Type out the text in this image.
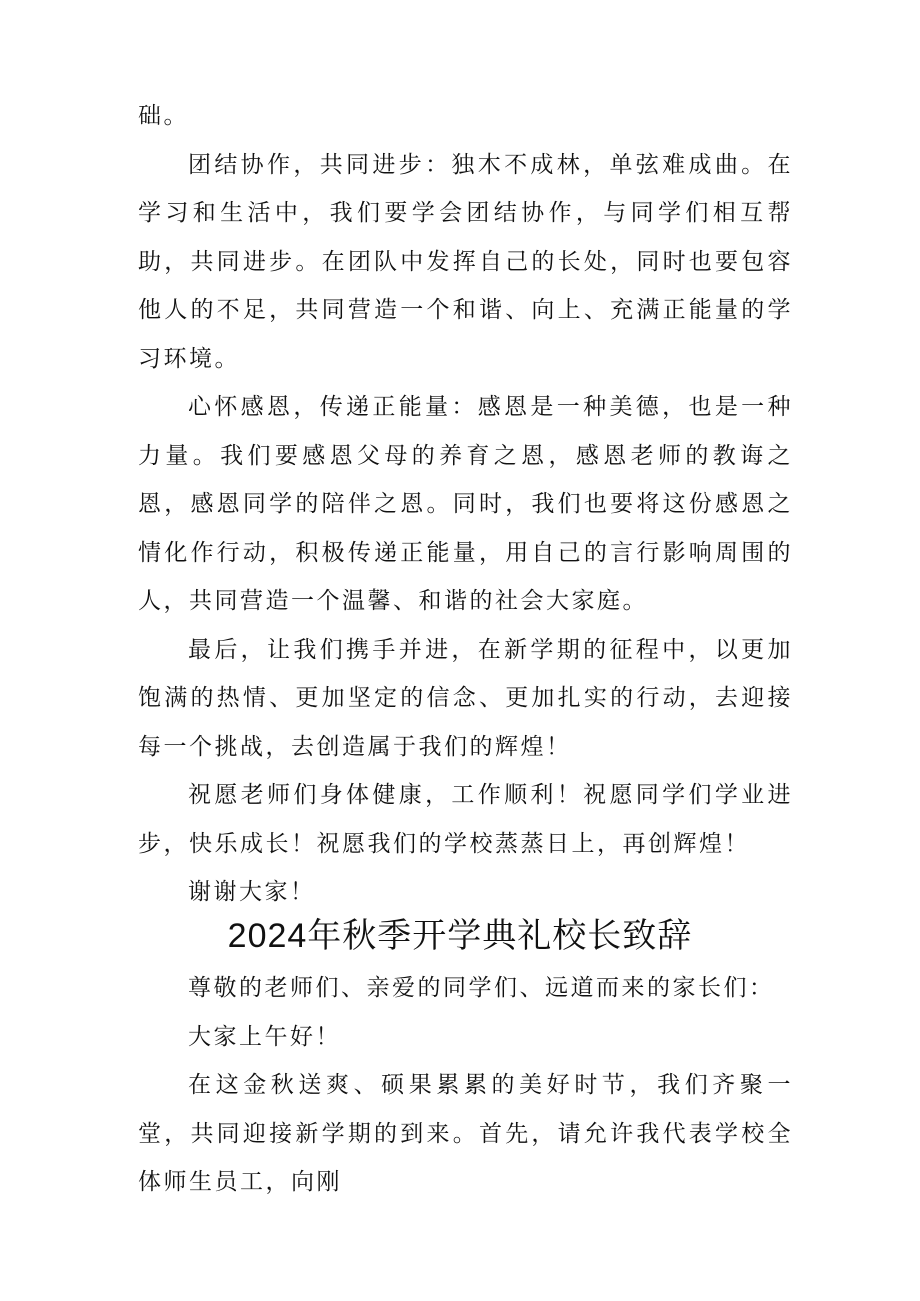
础。

团结协作，共同进步：独木不成林，单弦难成曲。在学习和生活中，我们要学会团结协作，与同学们相互帮助，共同进步。在团队中发挥自己的长处，同时也要包容他人的不足，共同营造一个和谐、向上、充满正能量的学习环境。

心怀感恩，传递正能量：感恩是一种美德，也是一种力量。我们要感恩父母的养育之恩，感恩老师的教诲之恩，感恩同学的陪伴之恩。同时，我们也要将这份感恩之情化作行动，积极传递正能量，用自己的言行影响周围的人，共同营造一个温馨、和谐的社会大家庭。

最后，让我们携手并进，在新学期的征程中，以更加饱满的热情、更加坚定的信念、更加扎实的行动，去迎接每一个挑战，去创造属于我们的辉煌！

祝愿老师们身体健康，工作顺利！祝愿同学们学业进步，快乐成长！祝愿我们的学校蒸蒸日上，再创辉煌！

谢谢大家！

2024年秋季开学典礼校长致辞

尊敬的老师们、亲爱的同学们、远道而来的家长们：

大家上午好！

在这金秋送爽、硕果累累的美好时节，我们齐聚一堂，共同迎接新学期的到来。首先，请允许我代表学校全体师生员工，向刚
